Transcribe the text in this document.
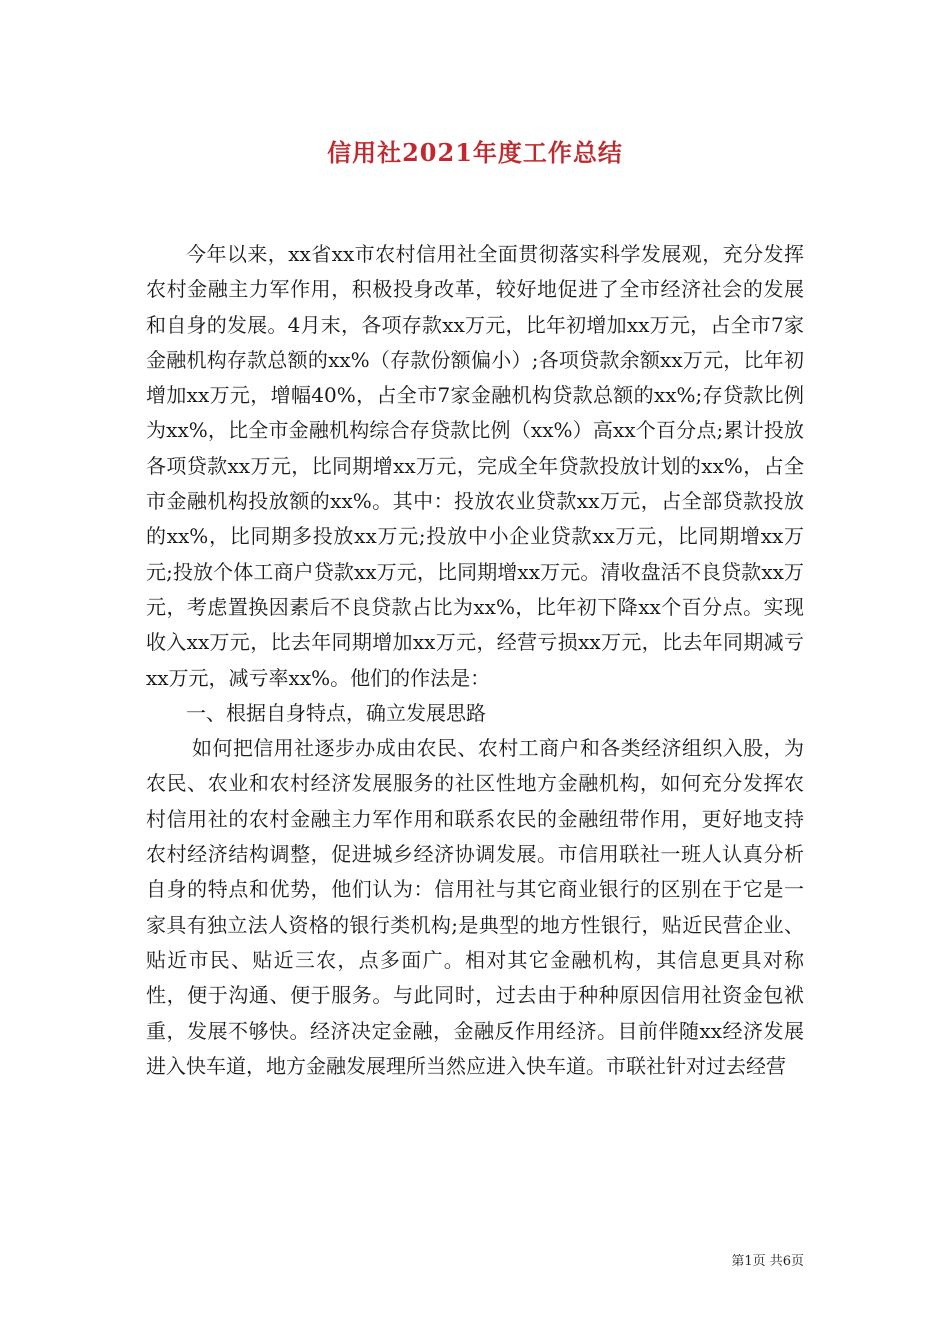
信用社2021年度工作总结

今年以来，xx省xx市农村信用社全面贯彻落实科学发展观，充分发挥农村金融主力军作用，积极投身改革，较好地促进了全市经济社会的发展和自身的发展。4月末，各项存款xx万元，比年初增加xx万元，占全市7家金融机构存款总额的xx%（存款份额偏小）;各项贷款余额xx万元，比年初增加xx万元，增幅40%，占全市7家金融机构贷款总额的xx%;存贷款比例为xx%，比全市金融机构综合存贷款比例（xx%）高xx个百分点;累计投放各项贷款xx万元，比同期增xx万元，完成全年贷款投放计划的xx%，占全市金融机构投放额的xx%。其中：投放农业贷款xx万元，占全部贷款投放的xx%，比同期多投放xx万元;投放中小企业贷款xx万元，比同期增xx万元;投放个体工商户贷款xx万元，比同期增xx万元。清收盘活不良贷款xx万元，考虑置换因素后不良贷款占比为xx%，比年初下降xx个百分点。实现收入xx万元，比去年同期增加xx万元，经营亏损xx万元，比去年同期减亏xx万元，减亏率xx%。他们的作法是：

一、根据自身特点，确立发展思路

如何把信用社逐步办成由农民、农村工商户和各类经济组织入股，为农民、农业和农村经济发展服务的社区性地方金融机构，如何充分发挥农村信用社的农村金融主力军作用和联系农民的金融纽带作用，更好地支持农村经济结构调整，促进城乡经济协调发展。市信用联社一班人认真分析自身的特点和优势，他们认为：信用社与其它商业银行的区别在于它是一家具有独立法人资格的银行类机构;是典型的地方性银行，贴近民营企业、贴近市民、贴近三农，点多面广。相对其它金融机构，其信息更具对称性，便于沟通、便于服务。与此同时，过去由于种种原因信用社资金包袱重，发展不够快。经济决定金融，金融反作用经济。目前伴随xx经济发展进入快车道，地方金融发展理所当然应进入快车道。市联社针对过去经营

第1页 共6页
